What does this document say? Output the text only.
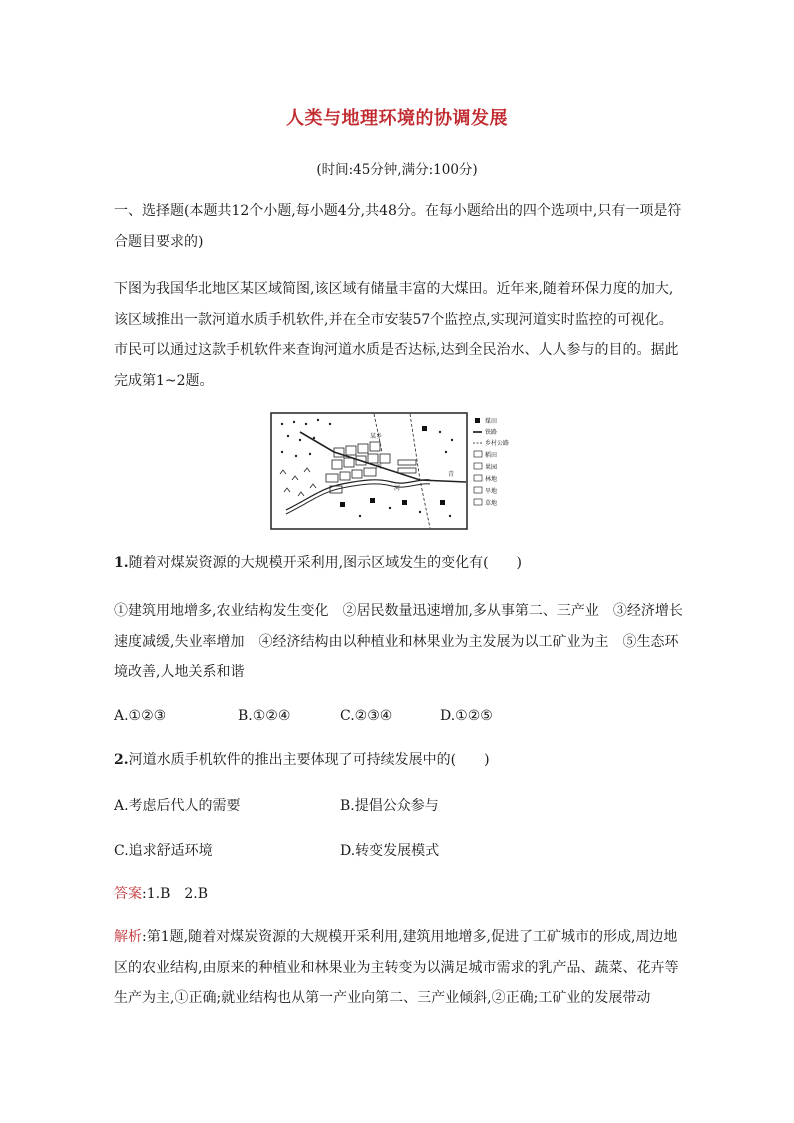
人类与地理环境的协调发展
(时间:45分钟,满分:100分)
一、选择题(本题共12个小题,每小题4分,共48分。在每小题给出的四个选项中,只有一项是符合题目要求的)
下图为我国华北地区某区域简图,该区域有储量丰富的大煤田。近年来,随着环保力度的加大,该区域推出一款河道水质手机软件,并在全市安装57个监控点,实现河道实时监控的可视化。市民可以通过这款手机软件来查询河道水质是否达标,达到全民治水、人人参与的目的。据此完成第1~2题。
某乡
河
青
河
煤田
铁路
乡村公路
稻田
果园
林地
旱地
草地
1.随着对煤炭资源的大规模开采利用,图示区域发生的变化有(　　)
①建筑用地增多,农业结构发生变化　②居民数量迅速增加,多从事第二、三产业　③经济增长速度减缓,失业率增加　④经济结构由以种植业和林果业为主发展为以工矿业为主　⑤生态环境改善,人地关系和谐
A.①②③	B.①②④	C.②③④	D.①②⑤
2.河道水质手机软件的推出主要体现了可持续发展中的(　　)
A.考虑后代人的需要	B.提倡公众参与
C.追求舒适环境	D.转变发展模式
答案:1.B　2.B
解析:第1题,随着对煤炭资源的大规模开采利用,建筑用地增多,促进了工矿城市的形成,周边地区的农业结构,由原来的种植业和林果业为主转变为以满足城市需求的乳产品、蔬菜、花卉等生产为主,①正确;就业结构也从第一产业向第二、三产业倾斜,②正确;工矿业的发展带动
